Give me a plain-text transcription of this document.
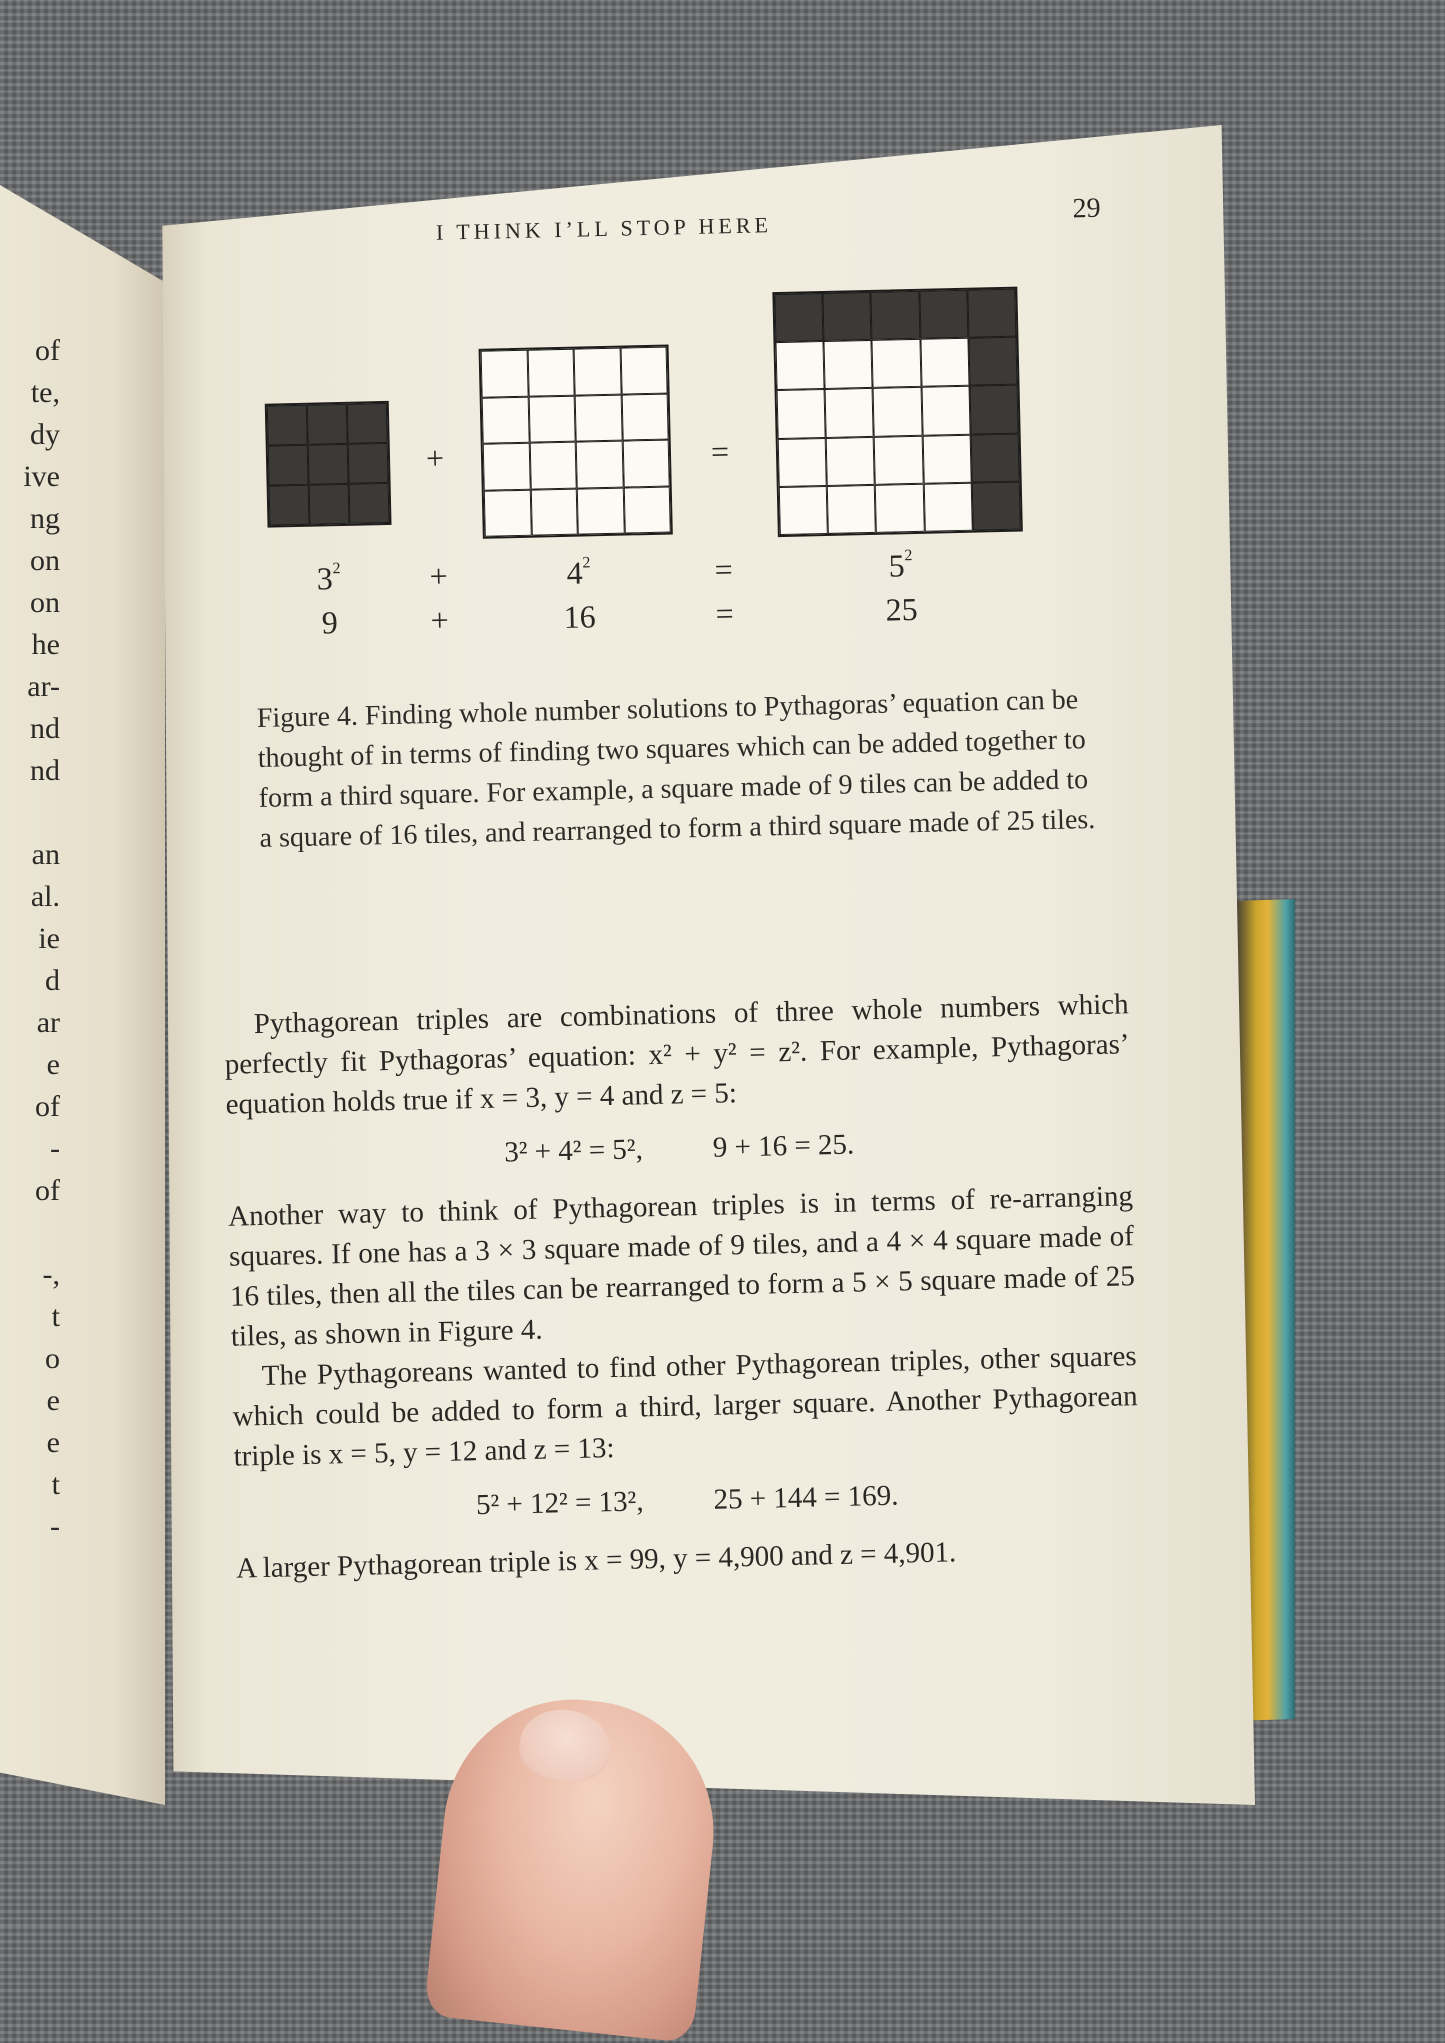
of
te,
dy
ive
ng
on
on
he
ar-
nd
nd
an
al.
ie
d
ar
e
of
-
of
-,
t
o
e
e
t
-
I THINK I’LL STOP HERE
29
+	=
$3^2$	+	$4^2$	=	$5^2$
9	+	16	=	25
Figure 4. Finding whole number solutions to Pythagoras’ equation can be thought of in terms of finding two squares which can be added together to form a third square. For example, a square made of 9 tiles can be added to a square of 16 tiles, and rearranged to form a third square made of 25 tiles.

Pythagorean triples are combinations of three whole numbers which perfectly fit Pythagoras’ equation: x² + y² = z². For example, Pythagoras’ equation holds true if x = 3, y = 4 and z = 5:

3² + 4² = 5², 9 + 16 = 25.

Another way to think of Pythagorean triples is in terms of re-arranging squares. If one has a 3 × 3 square made of 9 tiles, and a 4 × 4 square made of 16 tiles, then all the tiles can be rearranged to form a 5 × 5 square made of 25 tiles, as shown in Figure 4.

The Pythagoreans wanted to find other Pythagorean triples, other squares which could be added to form a third, larger square. Another Pythagorean triple is x = 5, y = 12 and z = 13:

5² + 12² = 13², 25 + 144 = 169.

A larger Pythagorean triple is x = 99, y = 4,900 and z = 4,901.
